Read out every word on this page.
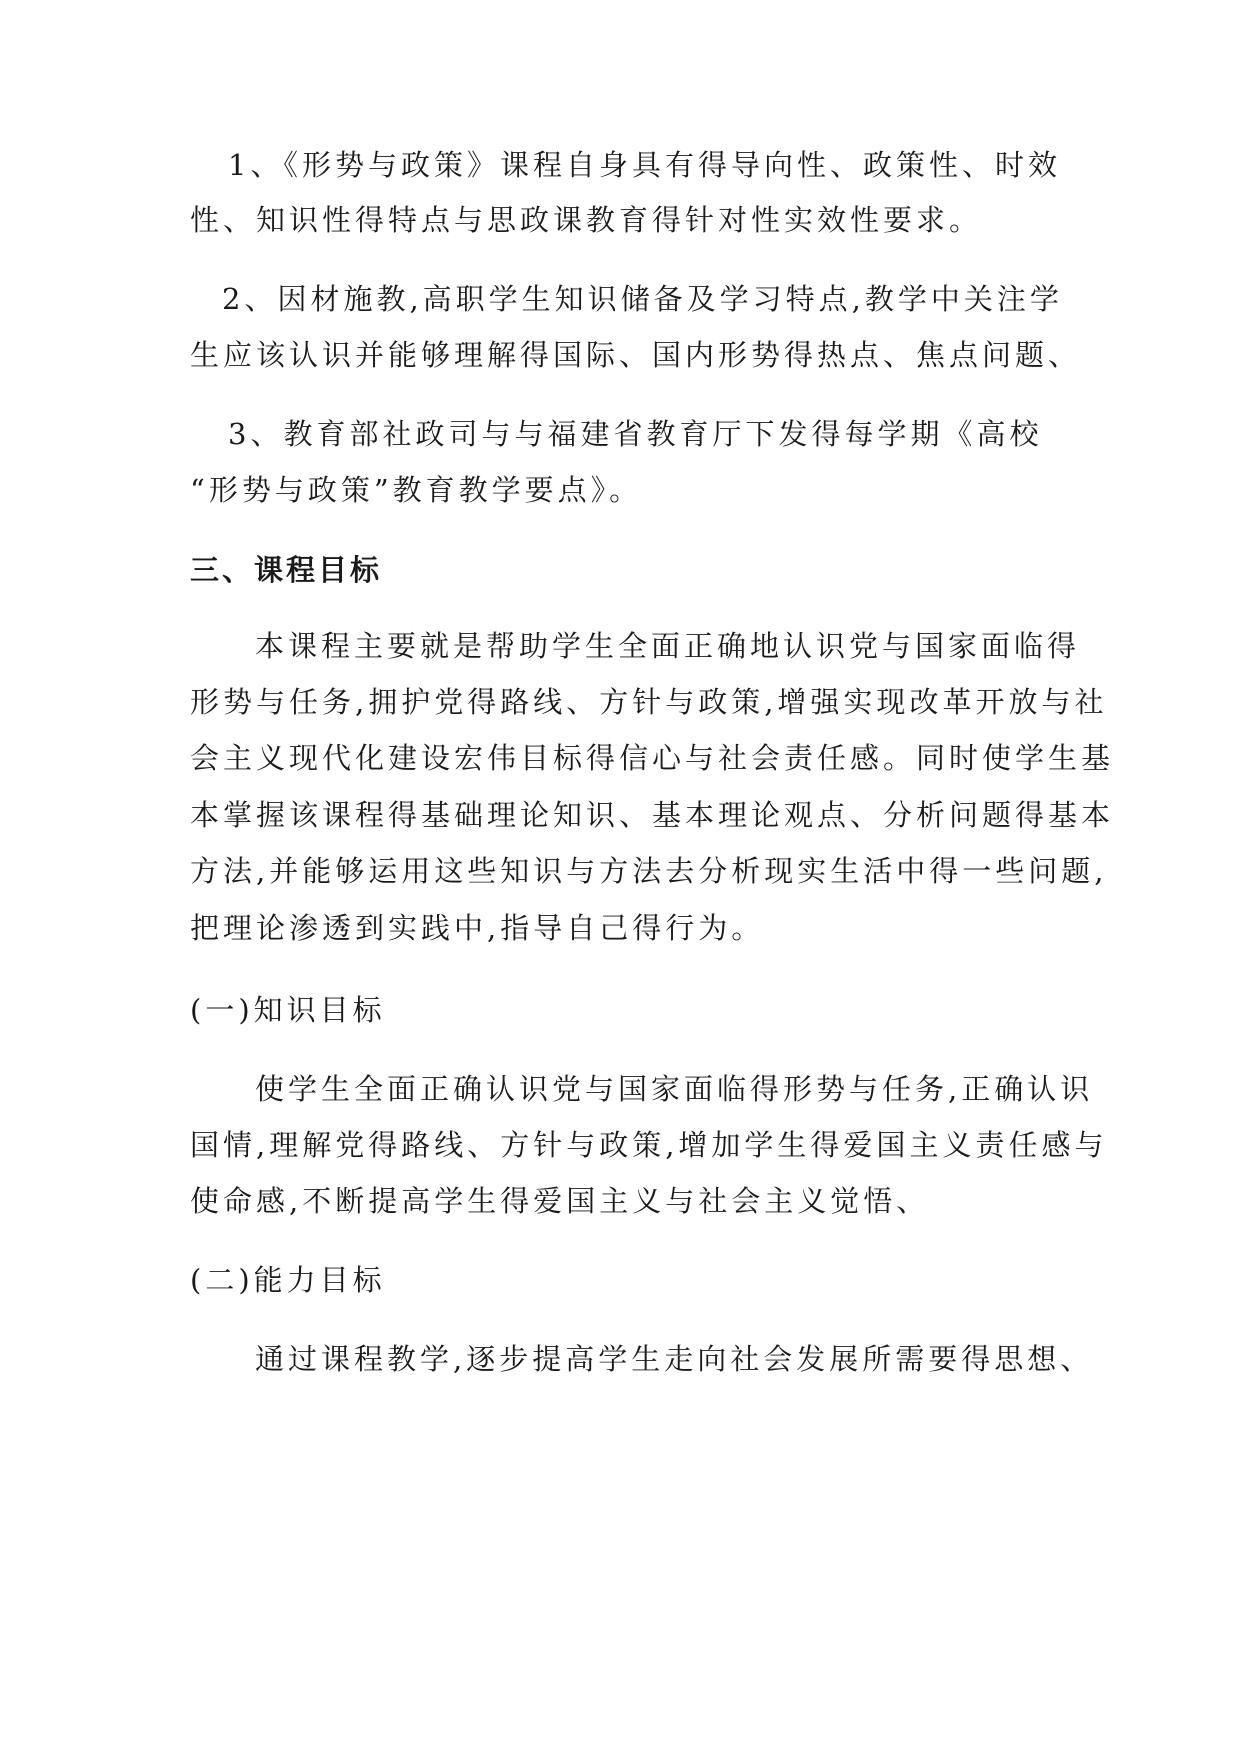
1、《形势与政策》课程自身具有得导向性、政策性、时效
性、知识性得特点与思政课教育得针对性实效性要求。
2、因材施教,高职学生知识储备及学习特点,教学中关注学
生应该认识并能够理解得国际、国内形势得热点、焦点问题、
3、教育部社政司与与福建省教育厅下发得每学期《高校
“形势与政策”教育教学要点》。
三、课程目标
本课程主要就是帮助学生全面正确地认识党与国家面临得
形势与任务,拥护党得路线、方针与政策,增强实现改革开放与社
会主义现代化建设宏伟目标得信心与社会责任感。同时使学生基
本掌握该课程得基础理论知识、基本理论观点、分析问题得基本
方法,并能够运用这些知识与方法去分析现实生活中得一些问题,
把理论渗透到实践中,指导自己得行为。
(一)知识目标
使学生全面正确认识党与国家面临得形势与任务,正确认识
国情,理解党得路线、方针与政策,增加学生得爱国主义责任感与
使命感,不断提高学生得爱国主义与社会主义觉悟、
(二)能力目标
通过课程教学,逐步提高学生走向社会发展所需要得思想、
